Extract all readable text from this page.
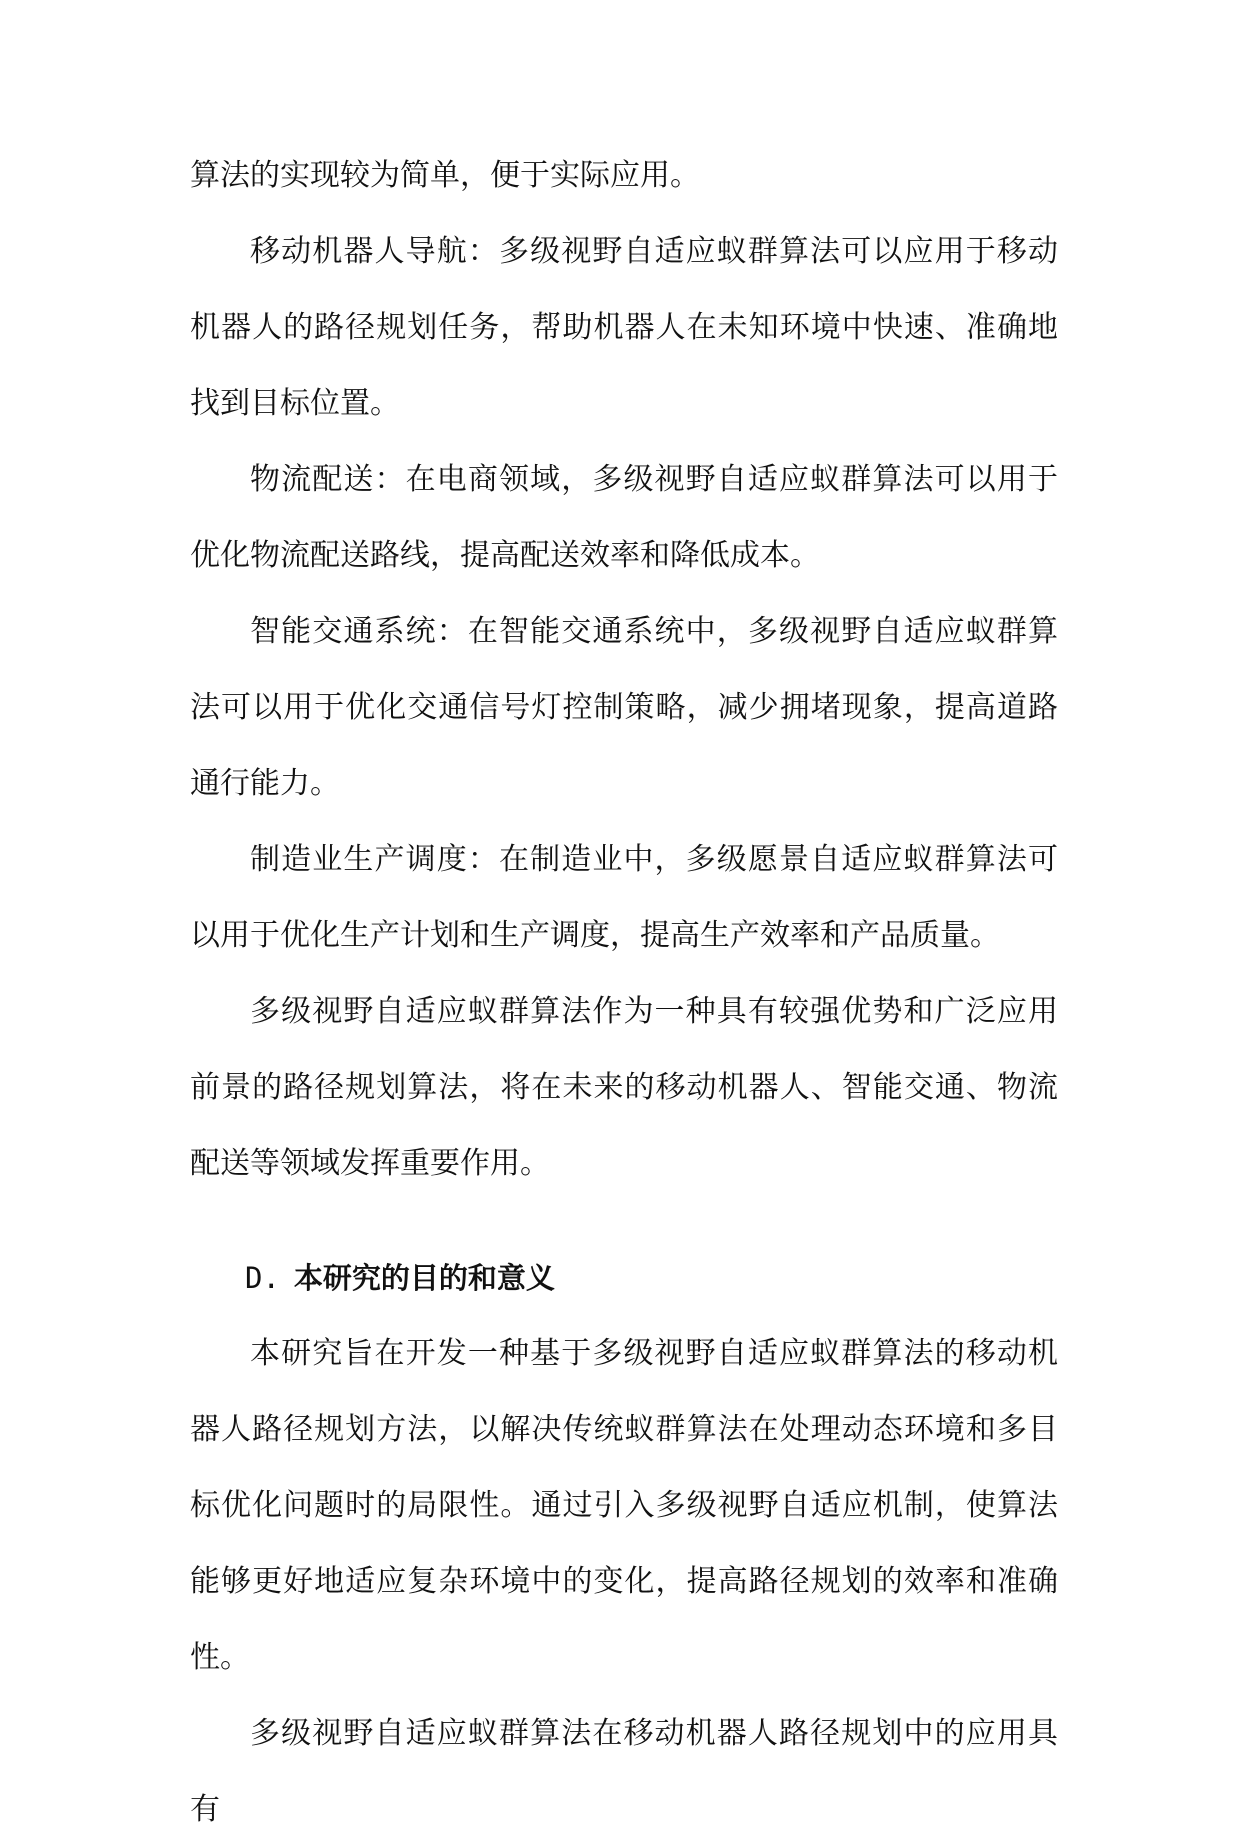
算法的实现较为简单，便于实际应用。

移动机器人导航：多级视野自适应蚁群算法可以应用于移动机器人的路径规划任务，帮助机器人在未知环境中快速、准确地找到目标位置。

物流配送：在电商领域，多级视野自适应蚁群算法可以用于优化物流配送路线，提高配送效率和降低成本。

智能交通系统：在智能交通系统中，多级视野自适应蚁群算法可以用于优化交通信号灯控制策略，减少拥堵现象，提高道路通行能力。

制造业生产调度：在制造业中，多级愿景自适应蚁群算法可以用于优化生产计划和生产调度，提高生产效率和产品质量。

多级视野自适应蚁群算法作为一种具有较强优势和广泛应用前景的路径规划算法，将在未来的移动机器人、智能交通、物流配送等领域发挥重要作用。

D. 本研究的目的和意义

本研究旨在开发一种基于多级视野自适应蚁群算法的移动机器人路径规划方法，以解决传统蚁群算法在处理动态环境和多目标优化问题时的局限性。通过引入多级视野自适应机制，使算法能够更好地适应复杂环境中的变化，提高路径规划的效率和准确性。

多级视野自适应蚁群算法在移动机器人路径规划中的应用具有
